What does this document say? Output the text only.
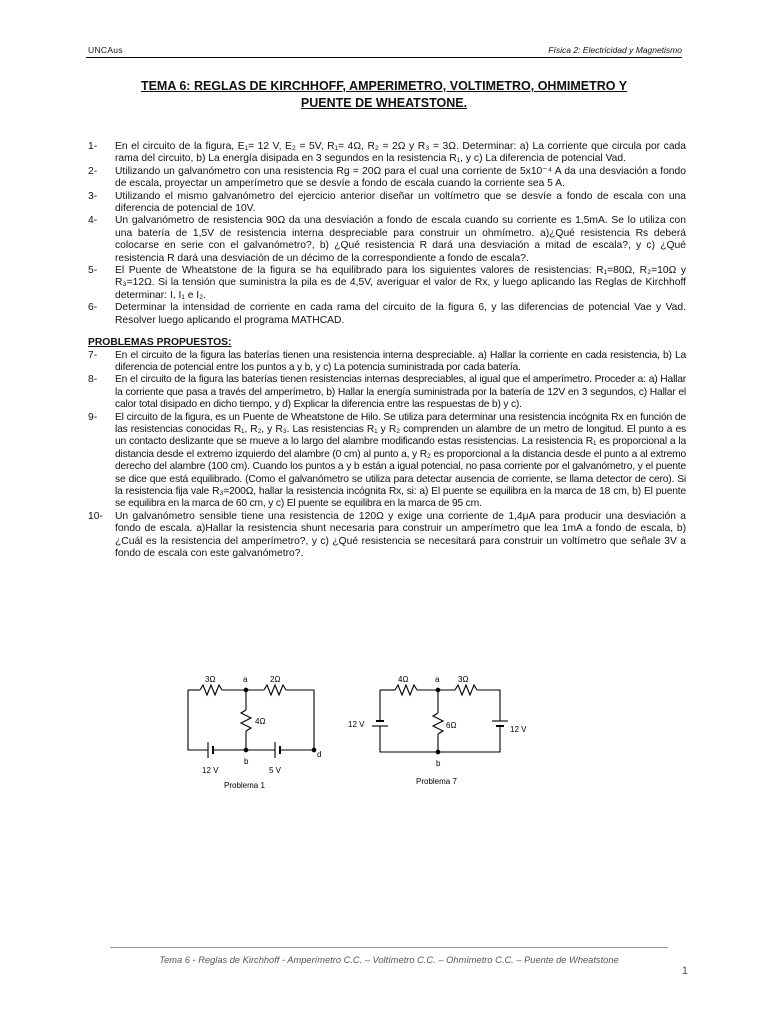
UNCAus	Física 2: Electricidad y Magnetismo
TEMA 6: REGLAS DE KIRCHHOFF, AMPERIMETRO, VOLTIMETRO, OHMIMETRO Y
PUENTE DE WHEATSTONE.
1-	En el circuito de la figura, E₁= 12 V, E₂ = 5V, R₁= 4Ω, R₂ = 2Ω y R₃ = 3Ω. Determinar: a) La corriente que circula por cada rama del circuito, b) La energía disipada en 3 segundos en la resistencia R₁, y c) La diferencia de potencial Vad.
2-	Utilizando un galvanómetro con una resistencia Rg = 20Ω para el cual una corriente de 5x10⁻⁴ A da una desviación a fondo de escala, proyectar un amperímetro que se desvíe a fondo de escala cuando la corriente sea 5 A.
3-	Utilizando el mismo galvanómetro del ejercicio anterior diseñar un voltímetro que se desvíe a fondo de escala con una diferencia de potencial de 10V.
4-	Un galvanómetro de resistencia 90Ω da una desviación a fondo de escala cuando su corriente es 1,5mA. Se lo utiliza con una batería de 1,5V de resistencia interna despreciable para construir un ohmímetro. a)¿Qué resistencia Rs deberá colocarse en serie con el galvanómetro?, b) ¿Qué resistencia R dará una desviación a mitad de escala?, y c) ¿Qué resistencia R dará una desviación de un décimo de la correspondiente a fondo de escala?.
5-	El Puente de Wheatstone de la figura se ha equilibrado para los siguientes valores de resistencias: R₁=80Ω, R₂=10Ω y R₃=12Ω. Si la tensión que suministra la pila es de 4,5V, averiguar el valor de Rx, y luego aplicando las Reglas de Kirchhoff determinar: I, I₁ e I₂.
6-	Determinar la intensidad de corriente en cada rama del circuito de la figura 6, y las diferencias de potencial Vae y Vad. Resolver luego aplicando el programa MATHCAD.
PROBLEMAS PROPUESTOS:
7-	En el circuito de la figura las baterías tienen una resistencia interna despreciable. a) Hallar la corriente en cada resistencia, b) La diferencia de potencial entre los puntos a y b, y c) La potencia suministrada por cada batería.
8-	En el circuito de la figura las baterías tienen resistencias internas despreciables, al igual que el amperímetro. Proceder a: a) Hallar la corriente que pasa a través del amperímetro, b) Hallar la energía suministrada por la batería de 12V en 3 segundos, c) Hallar el calor total disipado en dicho tiempo, y d) Explicar la diferencia entre las respuestas de b) y c).
9-	El circuito de la figura, es un Puente de Wheatstone de Hilo. Se utiliza para determinar una resistencia incógnita Rx en función de las resistencias conocidas R₁, R₂, y R₃. Las resistencias R₁ y R₂ comprenden un alambre de un metro de longitud. El punto a es un contacto deslizante que se mueve a lo largo del alambre modificando estas resistencias. La resistencia R₁ es proporcional a la distancia desde el extremo izquierdo del alambre (0 cm) al punto a, y R₂ es proporcional a la distancia desde el punto a al extremo derecho del alambre (100 cm). Cuando los puntos a y b están a igual potencial, no pasa corriente por el galvanómetro, y el puente se dice que está equilibrado. (Como el galvanómetro se utiliza para detectar ausencia de corriente, se llama detector de cero). Si la resistencia fija vale R₃=200Ω, hallar la resistencia incógnita Rx, si: a) El puente se equilibra en la marca de 18 cm, b) El puente se equilibra en la marca de 60 cm, y c) El puente se equilibra en la marca de 95 cm.
10-	Un galvanómetro sensible tiene una resistencia de 120Ω y exige una corriente de 1,4μA para producir una desviación a fondo de escala. a)Hallar la resistencia shunt necesaria para construir un amperímetro que lea 1mA a fondo de escala, b) ¿Cuál es la resistencia del amperímetro?, y c) ¿Qué resistencia se necesitará para construir un voltímetro que señale 3V a fondo de escala con este galvanómetro?.
3Ω	a	2Ω
4Ω
b
d
12 V	5 V
Problema 1
4Ω	a 3Ω
6Ω
b
12 V
12 V
Problema 7
Tema 6 - Reglas de Kirchhoff - Amperímetro C.C. – Voltímetro C.C. – Ohmímetro C.C. – Puente de Wheatstone
1
